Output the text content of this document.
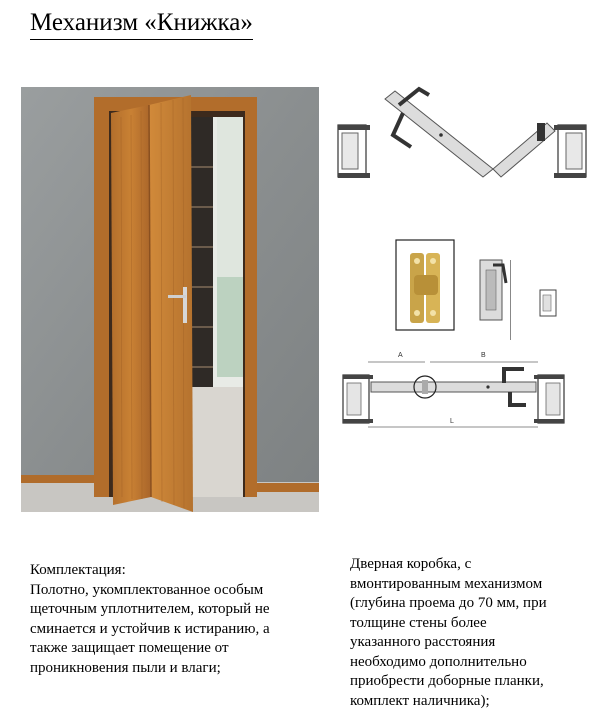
Механизм «Книжка»
A	B
L

Комплектация:

Полотно, укомплектованное особым

щеточным уплотнителем, который не

сминается и устойчив к истиранию, а

также защищает помещение от

проникновения пыли и влаги;

Дверная коробка, с

вмонтированным механизмом

(глубина проема до 70 мм, при

толщине стены более

указанного расстояния

необходимо дополнительно

приобрести доборные планки,

комплект наличника);
